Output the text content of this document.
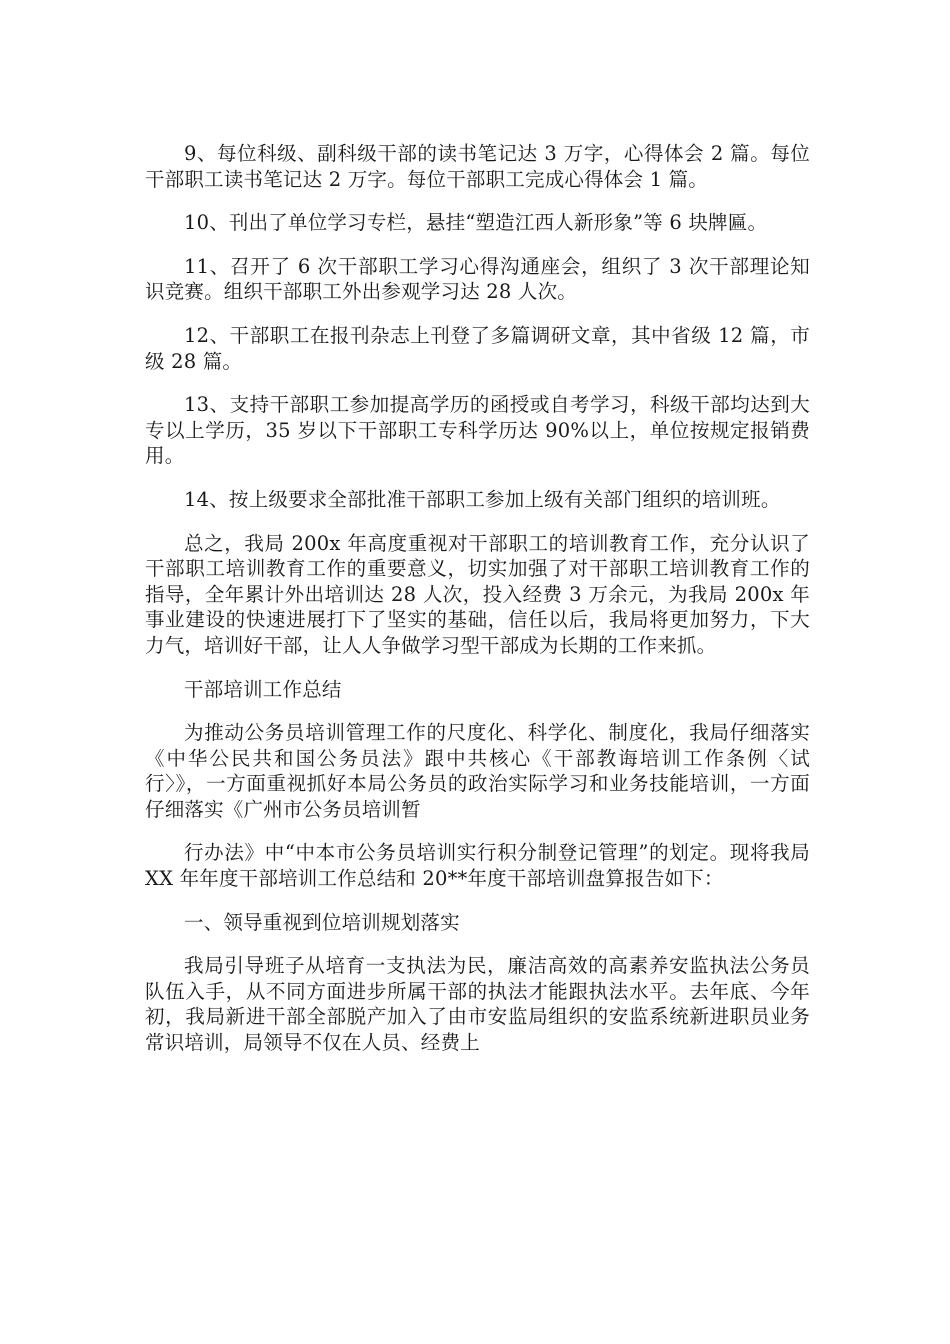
9、每位科级、副科级干部的读书笔记达 3 万字，心得体会 2 篇。每位干部职工读书笔记达 2 万字。每位干部职工完成心得体会 1 篇。

10、刊出了单位学习专栏，悬挂“塑造江西人新形象”等 6 块牌匾。

11、召开了 6 次干部职工学习心得沟通座会，组织了 3 次干部理论知识竞赛。组织干部职工外出参观学习达 28 人次。

12、干部职工在报刊杂志上刊登了多篇调研文章，其中省级 12 篇，市级 28 篇。

13、支持干部职工参加提高学历的函授或自考学习，科级干部均达到大专以上学历，35 岁以下干部职工专科学历达 90%以上，单位按规定报销费用。

14、按上级要求全部批准干部职工参加上级有关部门组织的培训班。

总之，我局 200x 年高度重视对干部职工的培训教育工作，充分认识了干部职工培训教育工作的重要意义，切实加强了对干部职工培训教育工作的指导，全年累计外出培训达 28 人次，投入经费 3 万余元，为我局 200x 年事业建设的快速进展打下了坚实的基础，信任以后，我局将更加努力，下大力气，培训好干部，让人人争做学习型干部成为长期的工作来抓。

干部培训工作总结

为推动公务员培训管理工作的尺度化、科学化、制度化，我局仔细落实《中华公民共和国公务员法》跟中共核心《干部教诲培训工作条例〈试行〉》，一方面重视抓好本局公务员的政治实际学习和业务技能培训，一方面仔细落实《广州市公务员培训暂

行办法》中“中本市公务员培训实行积分制登记管理”的划定。现将我局 XX 年年度干部培训工作总结和 20**年度干部培训盘算报告如下：

一、领导重视到位培训规划落实

我局引导班子从培育一支执法为民，廉洁高效的高素养安监执法公务员队伍入手，从不同方面进步所属干部的执法才能跟执法水平。去年底、今年初，我局新进干部全部脱产加入了由市安监局组织的安监系统新进职员业务常识培训，局领导不仅在人员、经费上
